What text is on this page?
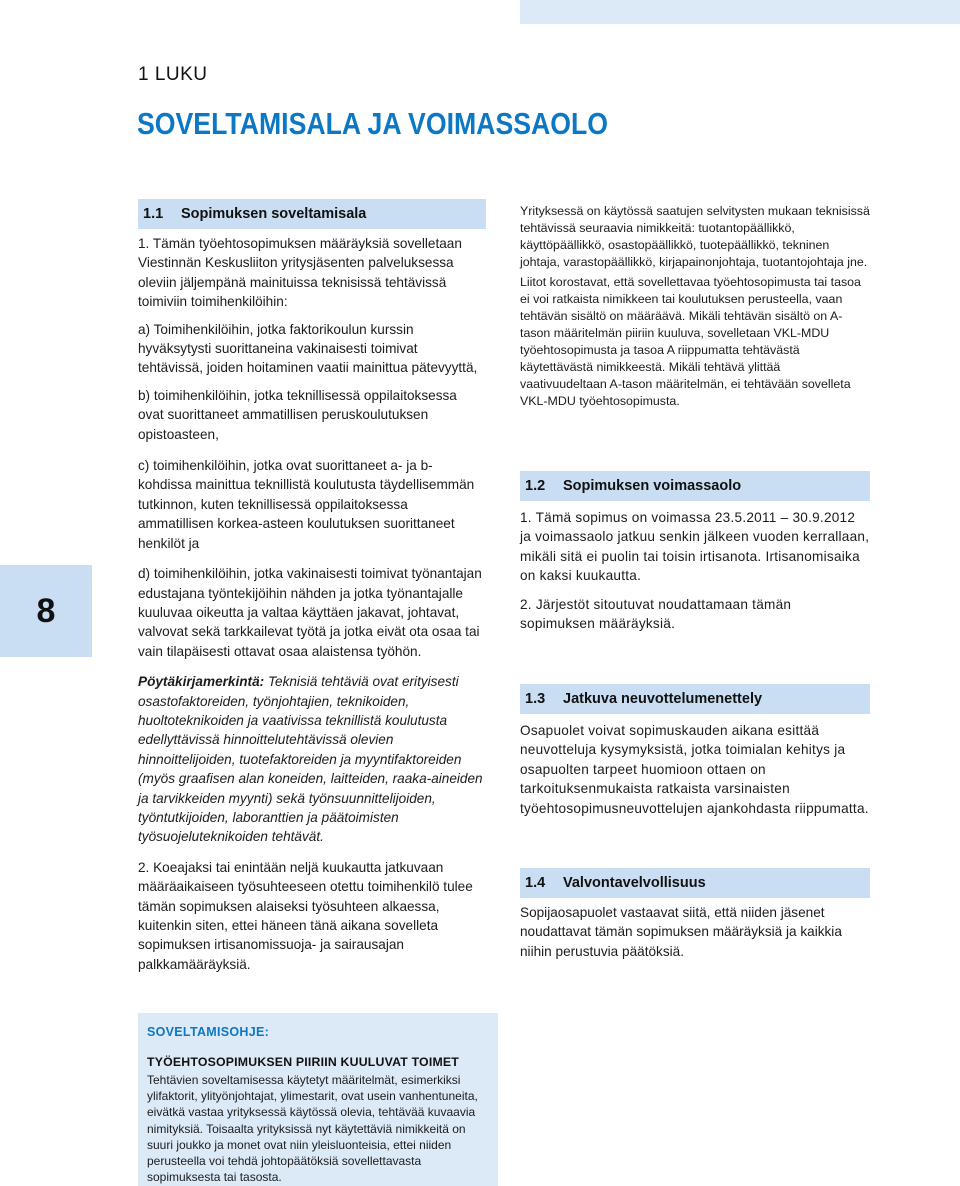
1 LUKU
SOVELTAMISALA JA VOIMASSAOLO
8
1.1	Sopimuksen soveltamisala

1. Tämän työehtosopimuksen määräyksiä sovelletaan Viestinnän Keskusliiton yritysjäsenten palveluksessa oleviin jäljempänä mainituissa teknisissä tehtävissä toimiviin toimihenkilöihin:

a) Toimihenkilöihin, jotka faktorikoulun kurssin hyväksytysti suorittaneina vakinaisesti toimivat tehtävissä, joiden hoitaminen vaatii mainittua pätevyyttä,

b) toimihenkilöihin, jotka teknillisessä oppilaitoksessa ovat suorittaneet ammatillisen peruskoulutuksen opistoasteen,

c) toimihenkilöihin, jotka ovat suorittaneet a- ja b-kohdissa mainittua teknillistä koulutusta täydellisemmän tutkinnon, kuten teknillisessä oppilaitoksessa ammatillisen korkea-asteen koulutuksen suorittaneet henkilöt ja

d) toimihenkilöihin, jotka vakinaisesti toimivat työnantajan edustajana työntekijöihin nähden ja jotka työnantajalle kuuluvaa oikeutta ja valtaa käyttäen jakavat, johtavat, valvovat sekä tarkkailevat työtä ja jotka eivät ota osaa tai vain tilapäisesti ottavat osaa alaistensa työhön.

Pöytäkirjamerkintä: Teknisiä tehtäviä ovat erityisesti osastofaktoreiden, työnjohtajien, teknikoiden, huoltoteknikoiden ja vaativissa teknillistä koulutusta edellyttävissä hinnoittelutehtävissä olevien hinnoittelijoiden, tuotefaktoreiden ja myyntifaktoreiden (myös graafisen alan koneiden, laitteiden, raaka-aineiden ja tarvikkeiden myynti) sekä työnsuunnittelijoiden, työntutkijoiden, laboranttien ja päätoimisten työsuojeluteknikoiden tehtävät.

2. Koeajaksi tai enintään neljä kuukautta jatkuvaan määräaikaiseen työsuhteeseen otettu toimihenkilö tulee tämän sopimuksen alaiseksi työsuhteen alkaessa, kuitenkin siten, ettei häneen tänä aikana sovelleta sopimuksen irtisanomissuoja- ja sairausajan palkkamääräyksiä.

Yrityksessä on käytössä saatujen selvitysten mukaan teknisissä tehtävissä seuraavia nimikkeitä: tuotantopäällikkö, käyttöpäällikkö, osastopäällikkö, tuotepäällikkö, tekninen johtaja, varastopäällikkö, kirjapainonjohtaja, tuotantojohtaja jne.

Liitot korostavat, että sovellettavaa työehtosopimusta tai tasoa ei voi ratkaista nimikkeen tai koulutuksen perusteella, vaan tehtävän sisältö on määräävä. Mikäli tehtävän sisältö on A-tason määritelmän piiriin kuuluva, sovelletaan VKL-MDU työehtosopimusta ja tasoa A riippumatta tehtävästä käytettävästä nimikkeestä. Mikäli tehtävä ylittää vaativuudeltaan A-tason määritelmän, ei tehtävään sovelleta VKL-MDU työehtosopimusta.

1.2	Sopimuksen voimassaolo

1. Tämä sopimus on voimassa 23.5.2011 – 30.9.2012 ja voimassaolo jatkuu senkin jälkeen vuoden kerrallaan, mikäli sitä ei puolin tai toisin irtisanota. Irtisanomisaika on kaksi kuukautta.

2. Järjestöt sitoutuvat noudattamaan tämän sopimuksen määräyksiä.

1.3	Jatkuva neuvottelumenettely

Osapuolet voivat sopimuskauden aikana esittää neuvotteluja kysymyksistä, jotka toimialan kehitys ja osapuolten tarpeet huomioon ottaen on tarkoituksenmukaista ratkaista varsinaisten työehtosopimusneuvottelujen ajankohdasta riippumatta.

1.4	Valvontavelvollisuus

Sopijaosapuolet vastaavat siitä, että niiden jäsenet noudattavat tämän sopimuksen määräyksiä ja kaikkia niihin perustuvia päätöksiä.

SOVELTAMISOHJE:
TYÖEHTOSOPIMUKSEN PIIRIIN KUULUVAT TOIMET
Tehtävien soveltamisessa käytetyt määritelmät, esimerkiksi ylifaktorit, ylityönjohtajat, ylimestarit, ovat usein vanhentuneita, eivätkä vastaa yrityksessä käytössä olevia, tehtävää kuvaavia nimityksiä. Toisaalta yrityksissä nyt käytettäviä nimikkeitä on suuri joukko ja monet ovat niin yleisluonteisia, ettei niiden perusteella voi tehdä johtopäätöksiä sovellettavasta sopimuksesta tai tasosta.
